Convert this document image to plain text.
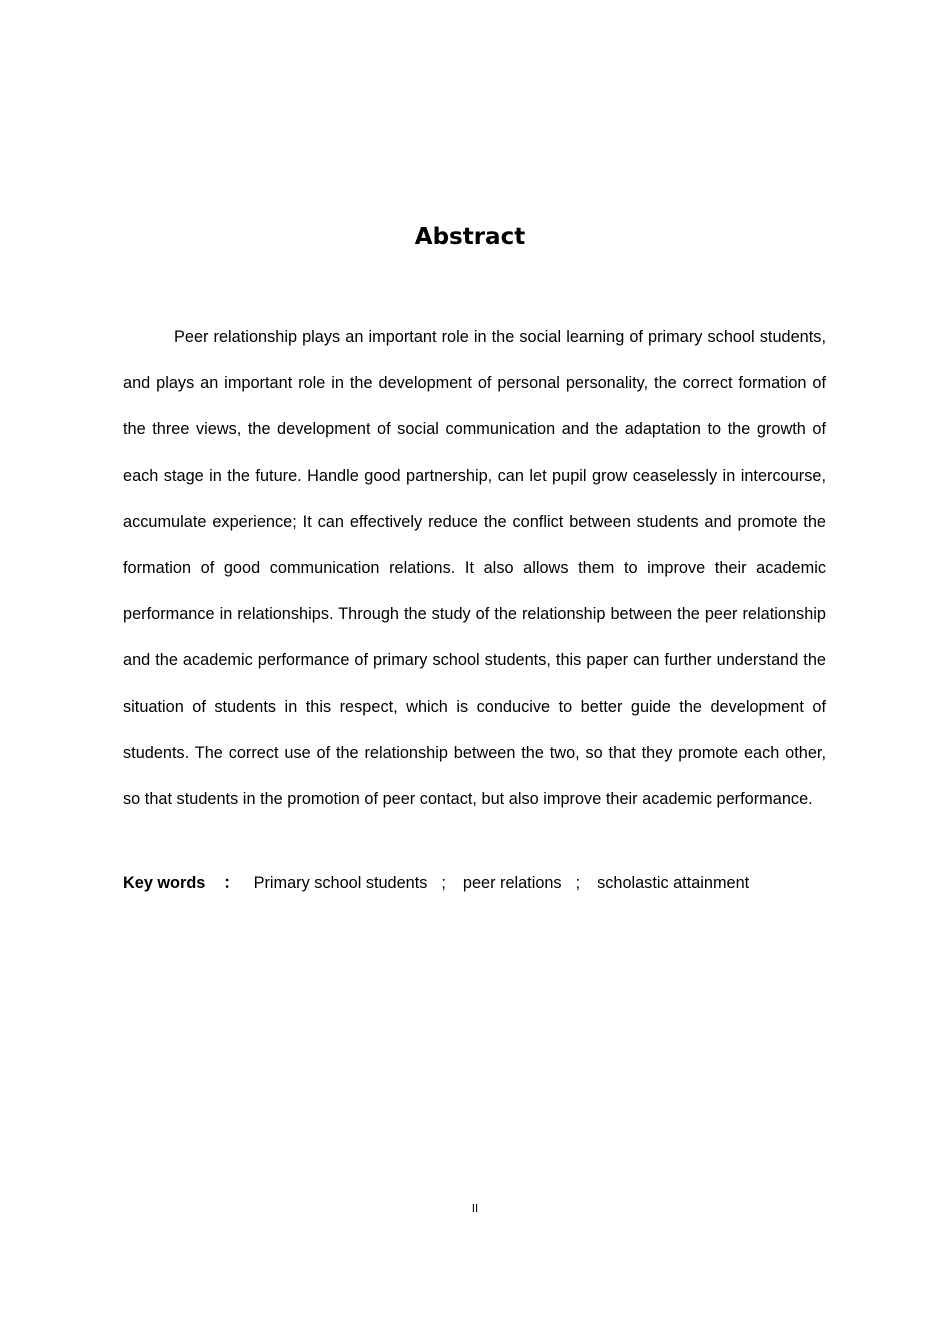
Abstract

Peer relationship plays an important role in the social learning of primary school students, and plays an important role in the development of personal personality, the correct formation of the three views, the development of social communication and the adaptation to the growth of each stage in the future. Handle good partnership, can let pupil grow ceaselessly in intercourse, accumulate experience; It can effectively reduce the conflict between students and promote the formation of good communication relations. It also allows them to improve their academic performance in relationships. Through the study of the relationship between the peer relationship and the academic performance of primary school students, this paper can further understand the situation of students in this respect, which is conducive to better guide the development of students. The correct use of the relationship between the two, so that they promote each other, so that students in the promotion of peer contact, but also improve their academic performance.

Key words ： Primary school students ; peer relations ; scholastic attainment
II
